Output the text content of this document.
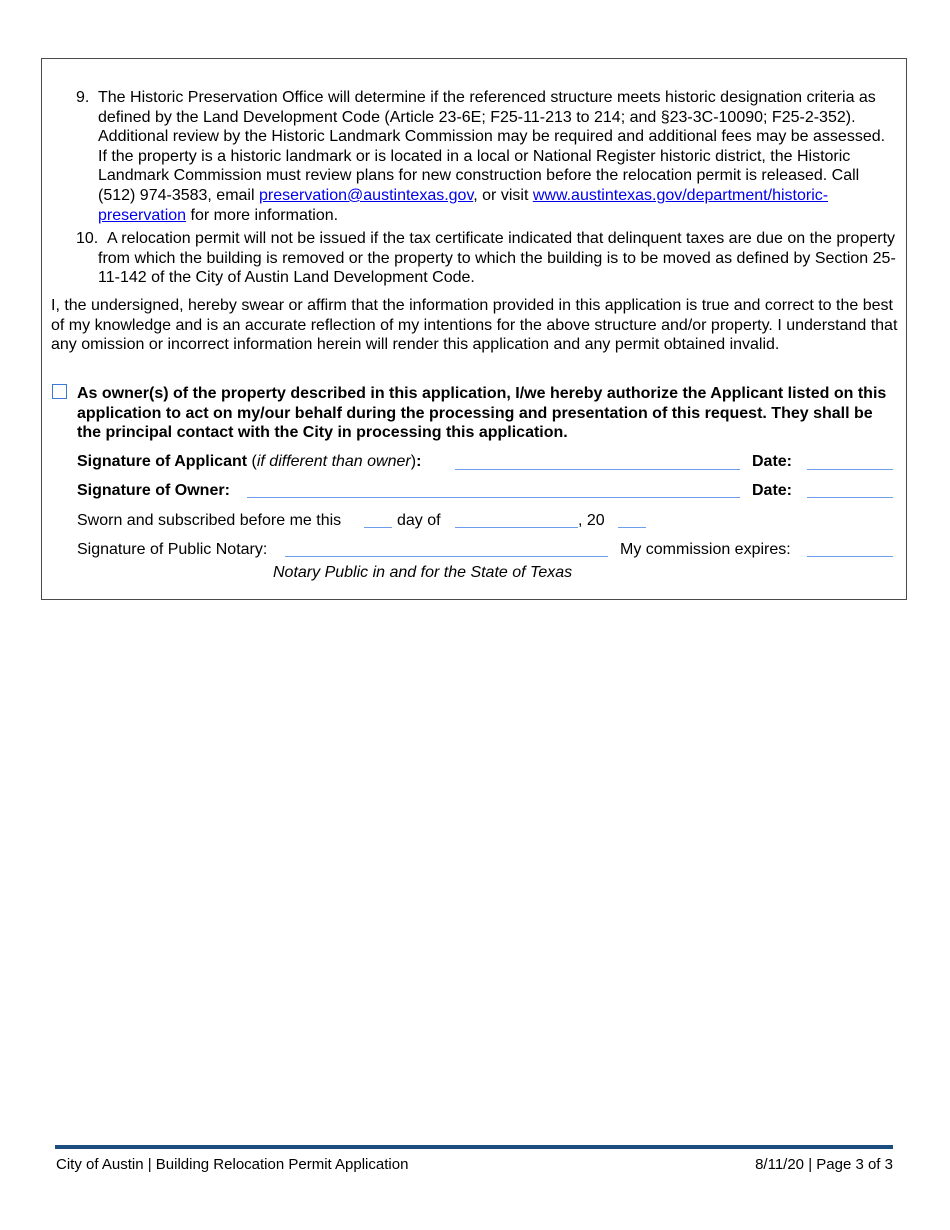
9. The Historic Preservation Office will determine if the referenced structure meets historic designation criteria as defined by the Land Development Code (Article 23-6E; F25-11-213 to 214; and §23-3C-10090; F25-2-352). Additional review by the Historic Landmark Commission may be required and additional fees may be assessed. If the property is a historic landmark or is located in a local or National Register historic district, the Historic Landmark Commission must review plans for new construction before the relocation permit is released. Call (512) 974-3583, email preservation@austintexas.gov, or visit www.austintexas.gov/department/historic-preservation for more information.
10. A relocation permit will not be issued if the tax certificate indicated that delinquent taxes are due on the property from which the building is removed or the property to which the building is to be moved as defined by Section 25-11-142 of the City of Austin Land Development Code.
I, the undersigned, hereby swear or affirm that the information provided in this application is true and correct to the best of my knowledge and is an accurate reflection of my intentions for the above structure and/or property. I understand that any omission or incorrect information herein will render this application and any permit obtained invalid.
As owner(s) of the property described in this application, I/we hereby authorize the Applicant listed on this application to act on my/our behalf during the processing and presentation of this request. They shall be the principal contact with the City in processing this application.
Signature of Applicant (if different than owner):	Date:
Signature of Owner:	Date:
Sworn and subscribed before me this	day of	, 20
Signature of Public Notary:	My commission expires:
Notary Public in and for the State of Texas
City of Austin | Building Relocation Permit Application	8/11/20 | Page 3 of 3
